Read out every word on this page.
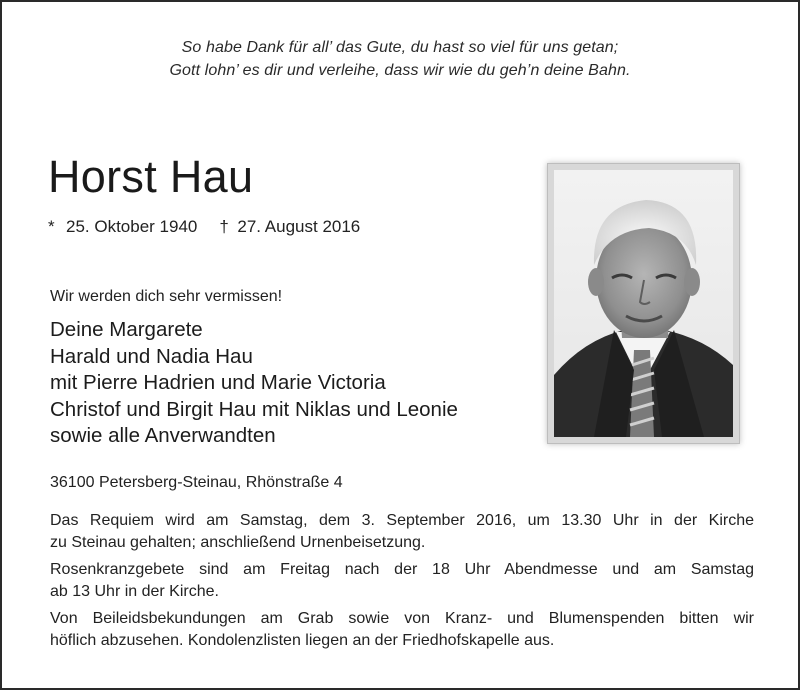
So habe Dank für all’ das Gute, du hast so viel für uns getan;
Gott lohn’ es dir und verleihe, dass wir wie du geh’n deine Bahn.
Horst Hau
* 25. Oktober 1940 † 27. August 2016
Wir werden dich sehr vermissen!
Deine Margarete
Harald und Nadia Hau
mit Pierre Hadrien und Marie Victoria
Christof und Birgit Hau mit Niklas und Leonie
sowie alle Anverwandten
36100 Petersberg-Steinau, Rhönstraße 4
Das Requiem wird am Samstag, dem 3. September 2016, um 13.30 Uhr in der Kirche
zu Steinau gehalten; anschließend Urnenbeisetzung.
Rosenkranzgebete sind am Freitag nach der 18 Uhr Abendmesse und am Samstag
ab 13 Uhr in der Kirche.
Von Beileidsbekundungen am Grab sowie von Kranz- und Blumenspenden bitten wir
höflich abzusehen. Kondolenzlisten liegen an der Friedhofskapelle aus.
